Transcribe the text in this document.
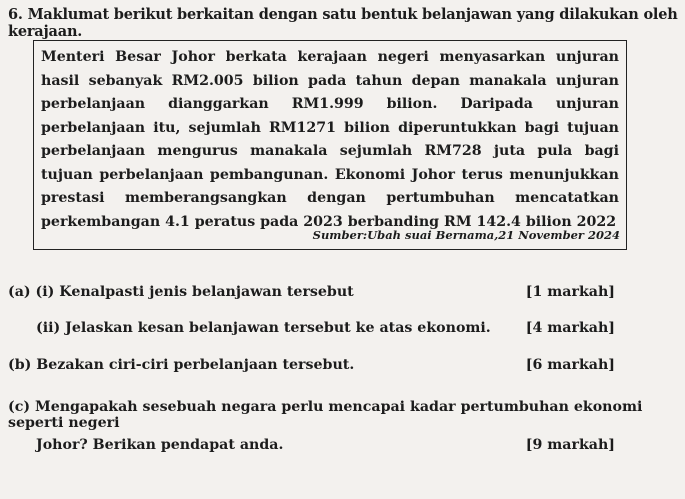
6. Maklumat berikut berkaitan dengan satu bentuk belanjawan yang dilakukan oleh kerajaan.

Menteri Besar Johor berkata kerajaan negeri menyasarkan unjuran hasil sebanyak RM2.005 bilion pada tahun depan manakala unjuran perbelanjaan dianggarkan RM1.999 bilion. Daripada unjuran perbelanjaan itu, sejumlah RM1271 bilion diperuntukkan bagi tujuan perbelanjaan mengurus manakala sejumlah RM728 juta pula bagi tujuan perbelanjaan pembangunan. Ekonomi Johor terus menunjukkan prestasi memberangsangkan dengan pertumbuhan mencatatkan perkembangan 4.1 peratus pada 2023 berbanding RM 142.4 bilion 2022

Sumber:Ubah suai Bernama,21 November 2024
(a) (i) Kenalpasti jenis belanjawan tersebut	[1 markah]
(ii) Jelaskan kesan belanjawan tersebut ke atas ekonomi.	[4 markah]
(b) Bezakan ciri-ciri perbelanjaan tersebut.	[6 markah]
(c) Mengapakah sesebuah negara perlu mencapai kadar pertumbuhan ekonomi seperti negeri
Johor? Berikan pendapat anda.	[9 markah]
